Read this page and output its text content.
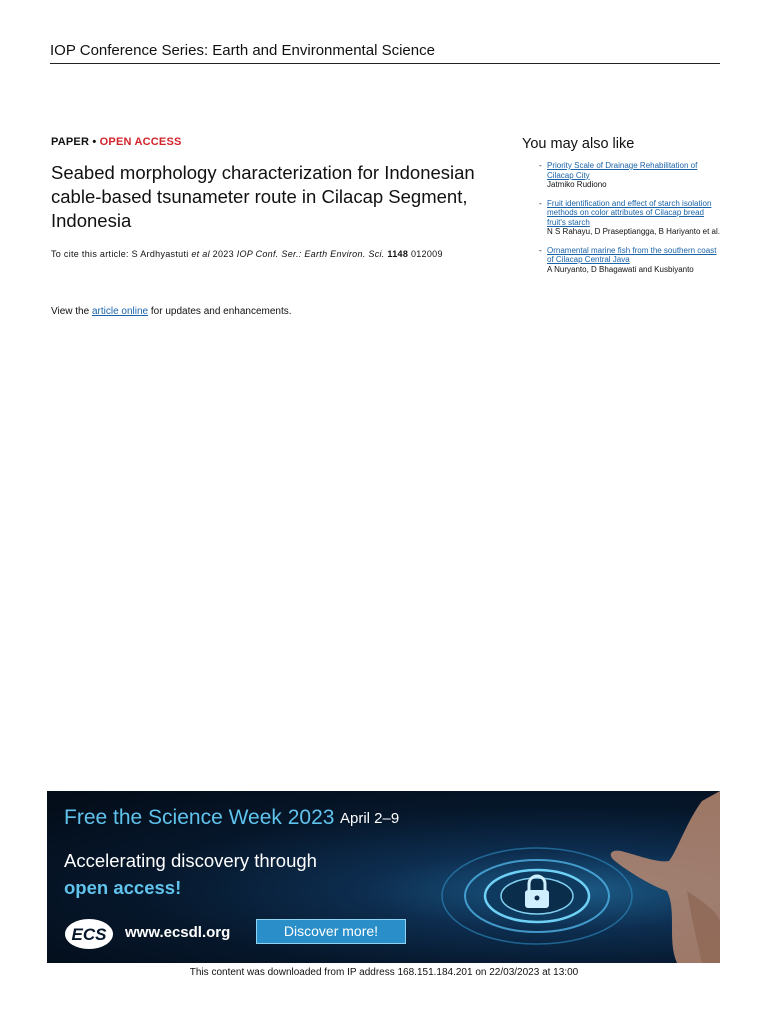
IOP Conference Series: Earth and Environmental Science
PAPER • OPEN ACCESS
Seabed morphology characterization for Indonesian cable-based tsunameter route in Cilacap Segment, Indonesia
To cite this article: S Ardhyastuti et al 2023 IOP Conf. Ser.: Earth Environ. Sci. 1148 012009
View the article online for updates and enhancements.
You may also like
- Priority Scale of Drainage Rehabilitation of Cilacap City
Jatmiko Rudiono
- Fruit identification and effect of starch isolation methods on color attributes of Cilacap bread fruit's starch
N S Rahayu, D Praseptiangga, B Hariyanto et al.
- Ornamental marine fish from the southern coast of Cilacap Central Java
A Nuryanto, D Bhagawati and Kusbiyanto
Free the Science Week 2023 April 2–9
Accelerating discovery through
open access!
ECS www.ecsdl.org	Discover more!
This content was downloaded from IP address 168.151.184.201 on 22/03/2023 at 13:00
